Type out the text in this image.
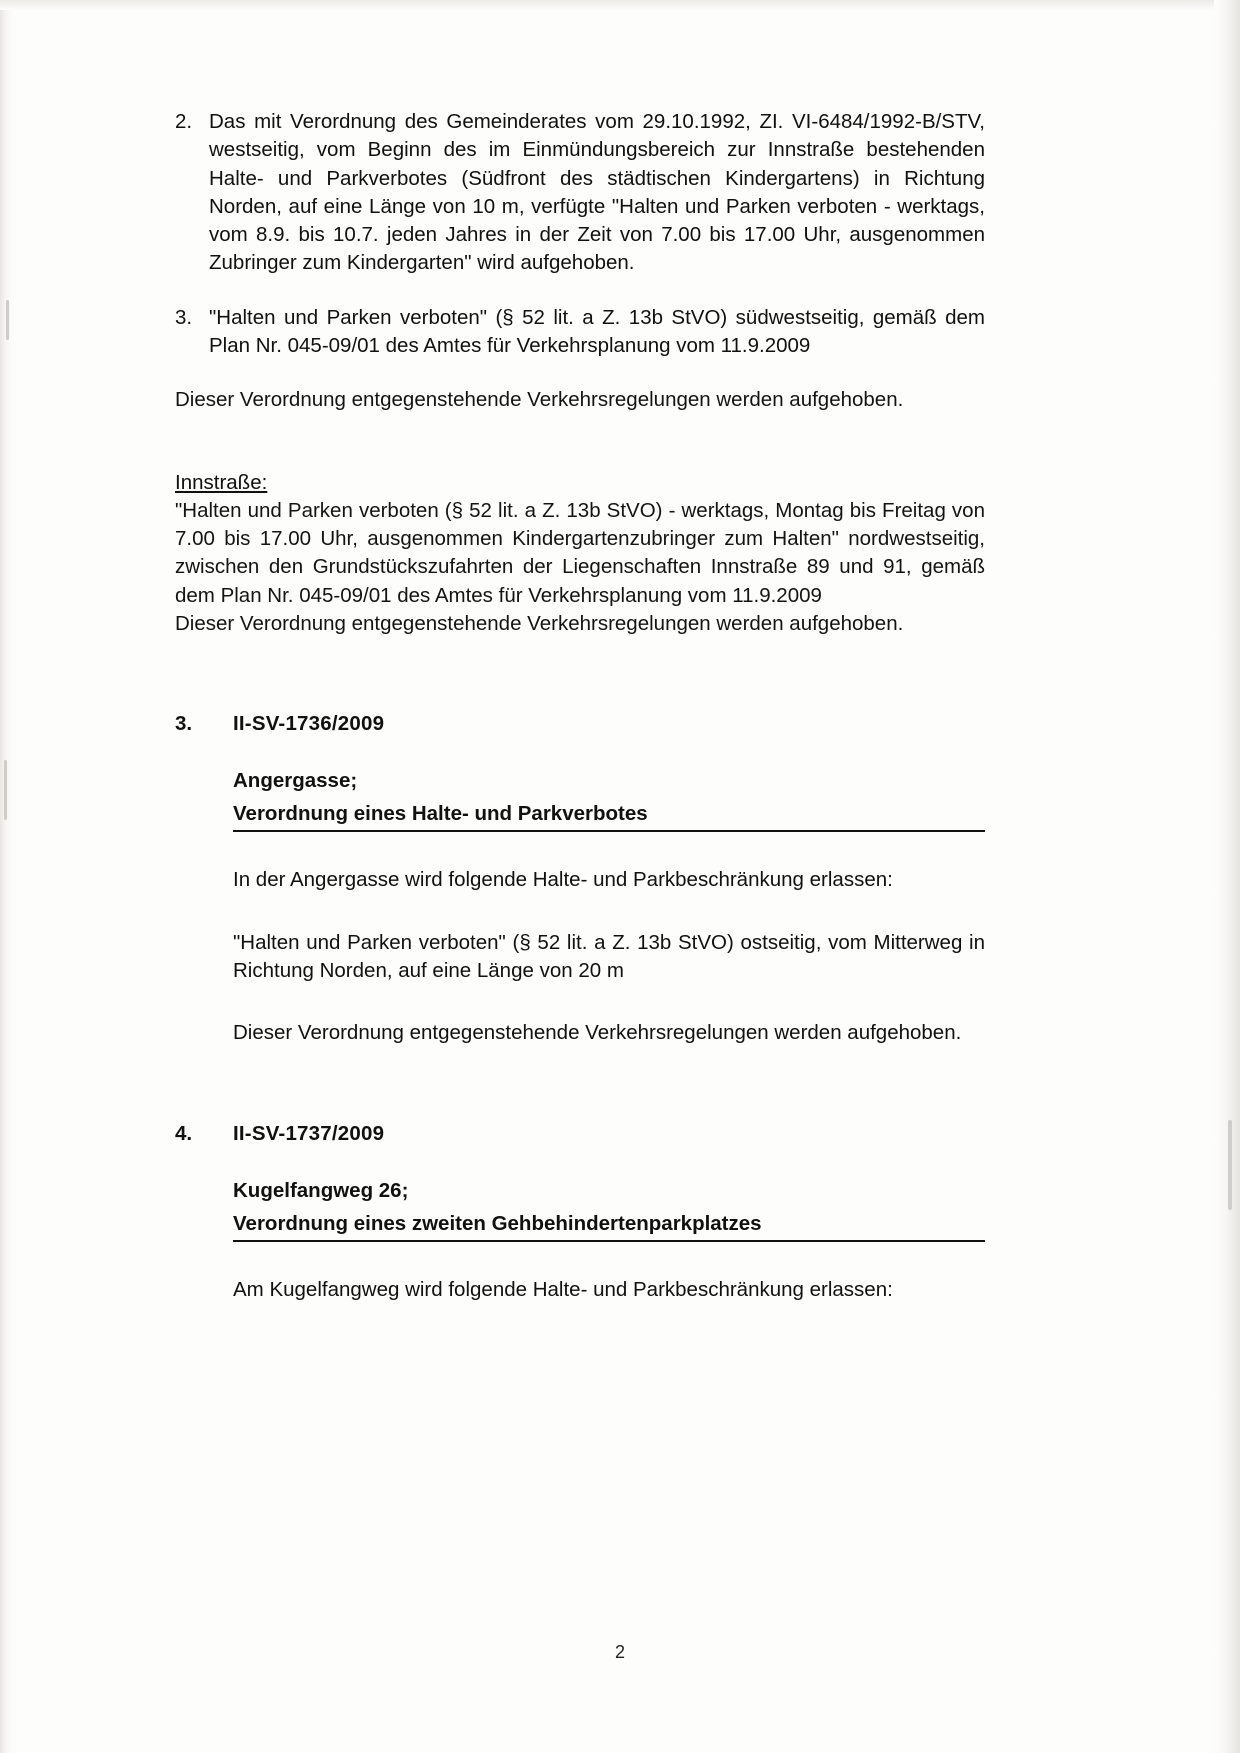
2. Das mit Verordnung des Gemeinderates vom 29.10.1992, ZI. VI-6484/1992-B/STV, westseitig, vom Beginn des im Einmündungsbereich zur Innstraße bestehenden Halte- und Parkverbotes (Südfront des städtischen Kindergartens) in Richtung Norden, auf eine Länge von 10 m, verfügte "Halten und Parken verboten - werktags, vom 8.9. bis 10.7. jeden Jahres in der Zeit von 7.00 bis 17.00 Uhr, ausgenommen Zubringer zum Kindergarten" wird aufgehoben.
3. "Halten und Parken verboten" (§ 52 lit. a Z. 13b StVO) südwestseitig, gemäß dem Plan Nr. 045-09/01 des Amtes für Verkehrsplanung vom 11.9.2009
Dieser Verordnung entgegenstehende Verkehrsregelungen werden aufgehoben.
Innstraße:
"Halten und Parken verboten (§ 52 lit. a Z. 13b StVO) - werktags, Montag bis Freitag von 7.00 bis 17.00 Uhr, ausgenommen Kindergartenzubringer zum Halten" nordwestseitig, zwischen den Grundstückszufahrten der Liegenschaften Innstraße 89 und 91, gemäß dem Plan Nr. 045-09/01 des Amtes für Verkehrsplanung vom 11.9.2009
Dieser Verordnung entgegenstehende Verkehrsregelungen werden aufgehoben.
3.	II-SV-1736/2009
Angergasse;
Verordnung eines Halte- und Parkverbotes
In der Angergasse wird folgende Halte- und Parkbeschränkung erlassen:
"Halten und Parken verboten" (§ 52 lit. a Z. 13b StVO) ostseitig, vom Mitterweg in Richtung Norden, auf eine Länge von 20 m
Dieser Verordnung entgegenstehende Verkehrsregelungen werden aufgehoben.
4.	II-SV-1737/2009
Kugelfangweg 26;
Verordnung eines zweiten Gehbehindertenparkplatzes
Am Kugelfangweg wird folgende Halte- und Parkbeschränkung erlassen:
2
